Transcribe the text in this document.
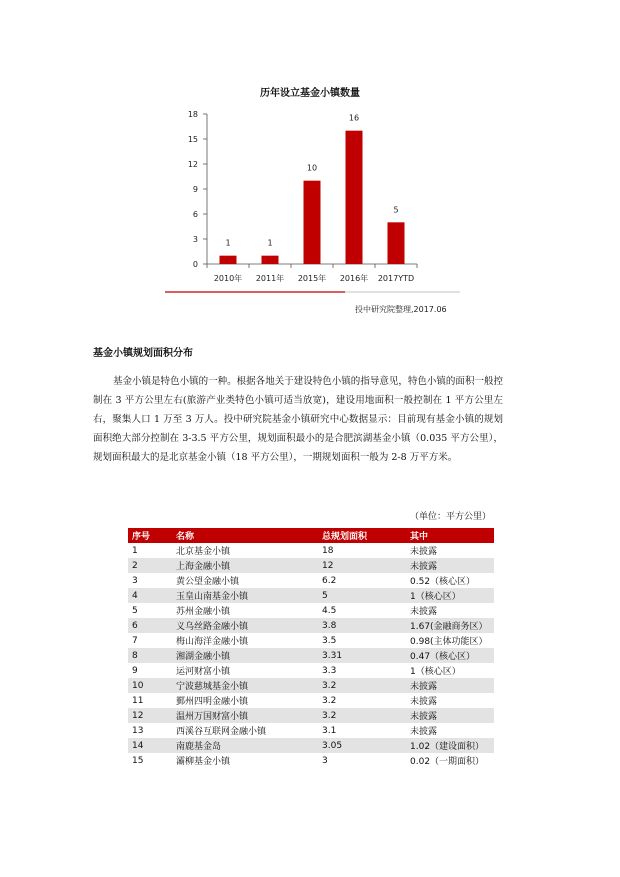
历年设立基金小镇数量
0
3
6
9
12
15
18
1
2010年
1
2011年
10
2015年
16
2016年
5
2017YTD
投中研究院整理,2017.06
基金小镇规划面积分布

基金小镇是特色小镇的一种。根据各地关于建设特色小镇的指导意见，特色小镇的面积一般控制在 3 平方公里左右(旅游产业类特色小镇可适当放宽)，建设用地面积一般控制在 1 平方公里左右，聚集人口 1 万至 3 万人。投中研究院基金小镇研究中心数据显示：目前现有基金小镇的规划面积绝大部分控制在 3-3.5 平方公里，规划面积最小的是合肥滨湖基金小镇（0.035 平方公里），规划面积最大的是北京基金小镇（18 平方公里），一期规划面积一般为 2-8 万平方米。

（单位：平方公里）
序号	名称	总规划面积	其中
1	北京基金小镇	18	未披露
2	上海金融小镇	12	未披露
3	黄公望金融小镇	6.2	0.52（核心区）
4	玉皇山南基金小镇	5	1（核心区）
5	苏州金融小镇	4.5	未披露
6	义乌丝路金融小镇	3.8	1.67(金融商务区）
7	梅山海洋金融小镇	3.5	0.98(主体功能区）
8	湘湖金融小镇	3.31	0.47（核心区）
9	运河财富小镇	3.3	1（核心区）
10	宁波慈城基金小镇	3.2	未披露
11	鄞州四明金融小镇	3.2	未披露
12	温州万国财富小镇	3.2	未披露
13	西溪谷互联网金融小镇	3.1	未披露
14	南鹿基金岛	3.05	1.02（建设面积）
15	灞柳基金小镇	3	0.02（一期面积）
